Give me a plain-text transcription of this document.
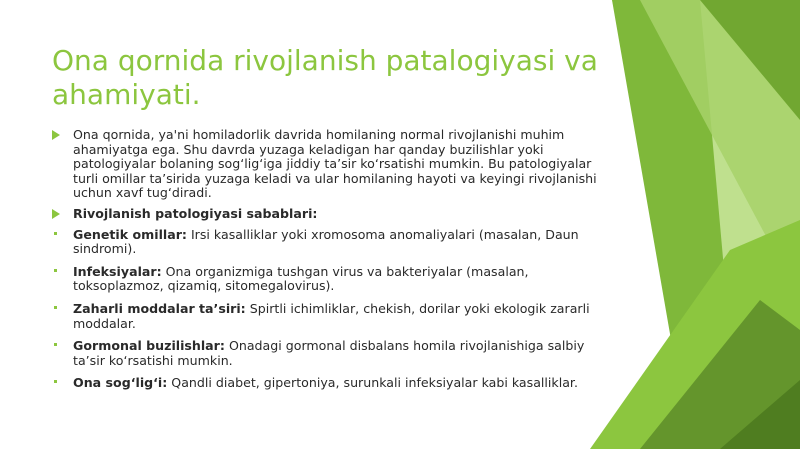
Ona qornida rivojlanish patalogiyasi va ahamiyati.
Ona qornida, ya'ni homiladorlik davrida homilaning normal rivojlanishi muhim ahamiyatga ega. Shu davrda yuzaga keladigan har qanday buzilishlar yoki patologiyalar bolaning sog‘lig‘iga jiddiy ta’sir ko‘rsatishi mumkin. Bu patologiyalar turli omillar ta’sirida yuzaga keladi va ular homilaning hayoti va keyingi rivojlanishi uchun xavf tug‘diradi.
Rivojlanish patologiyasi sabablari:
Genetik omillar: Irsi kasalliklar yoki xromosoma anomaliyalari (masalan, Daun sindromi).
Infeksiyalar: Ona organizmiga tushgan virus va bakteriyalar (masalan, toksoplazmoz, qizamiq, sitomegalovirus).
Zaharli moddalar ta’siri: Spirtli ichimliklar, chekish, dorilar yoki ekologik zararli moddalar.
Gormonal buzilishlar: Onadagi gormonal disbalans homila rivojlanishiga salbiy ta’sir ko‘rsatishi mumkin.
Ona sog‘lig‘i: Qandli diabet, gipertoniya, surunkali infeksiyalar kabi kasalliklar.
